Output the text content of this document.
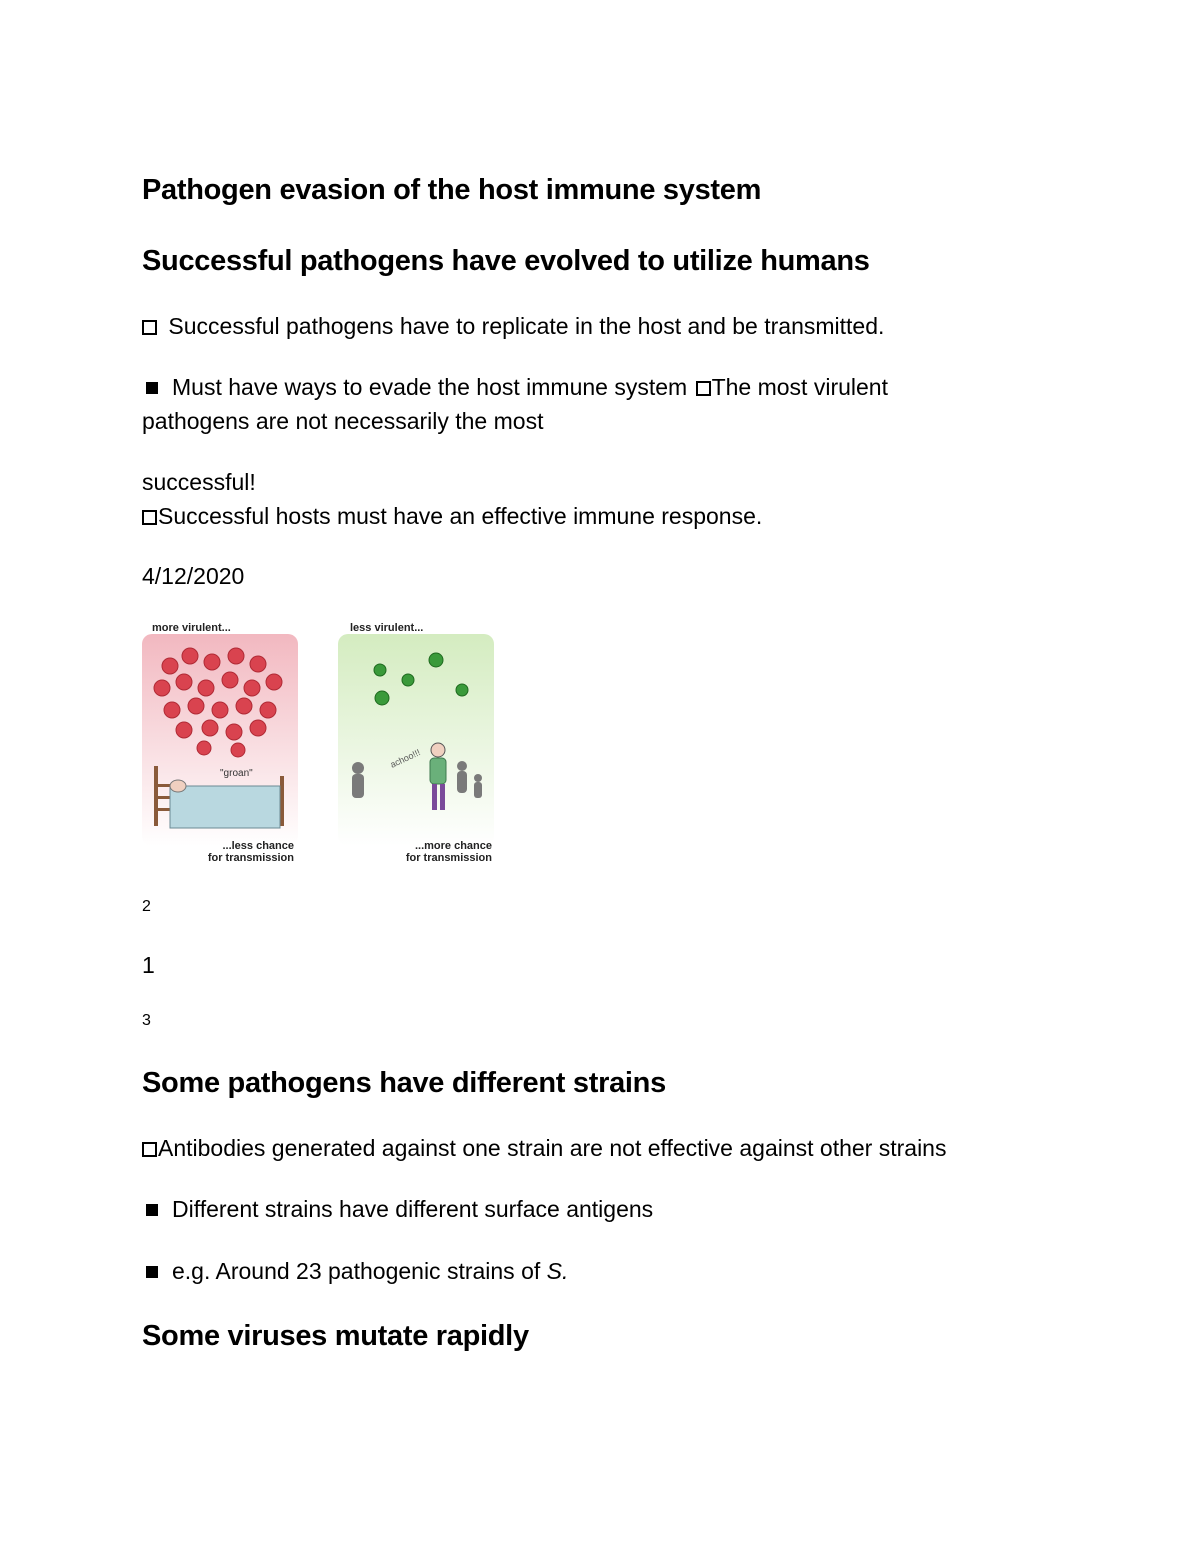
Pathogen evasion of the host immune system
Successful pathogens have evolved to utilize humans
Successful pathogens have to replicate in the host and be transmitted.
Must have ways to evade the host immune system The most virulent
pathogens are not necessarily the most
successful!
Successful hosts must have an effective immune response.
4/12/2020
more virulent...
"groan"
...less chance
for transmission
less virulent...
achoo!!!
...more chance
for transmission
2
1
3
Some pathogens have different strains
Antibodies generated against one strain are not effective against other strains
Different strains have different surface antigens
e.g. Around 23 pathogenic strains of S.
Some viruses mutate rapidly
